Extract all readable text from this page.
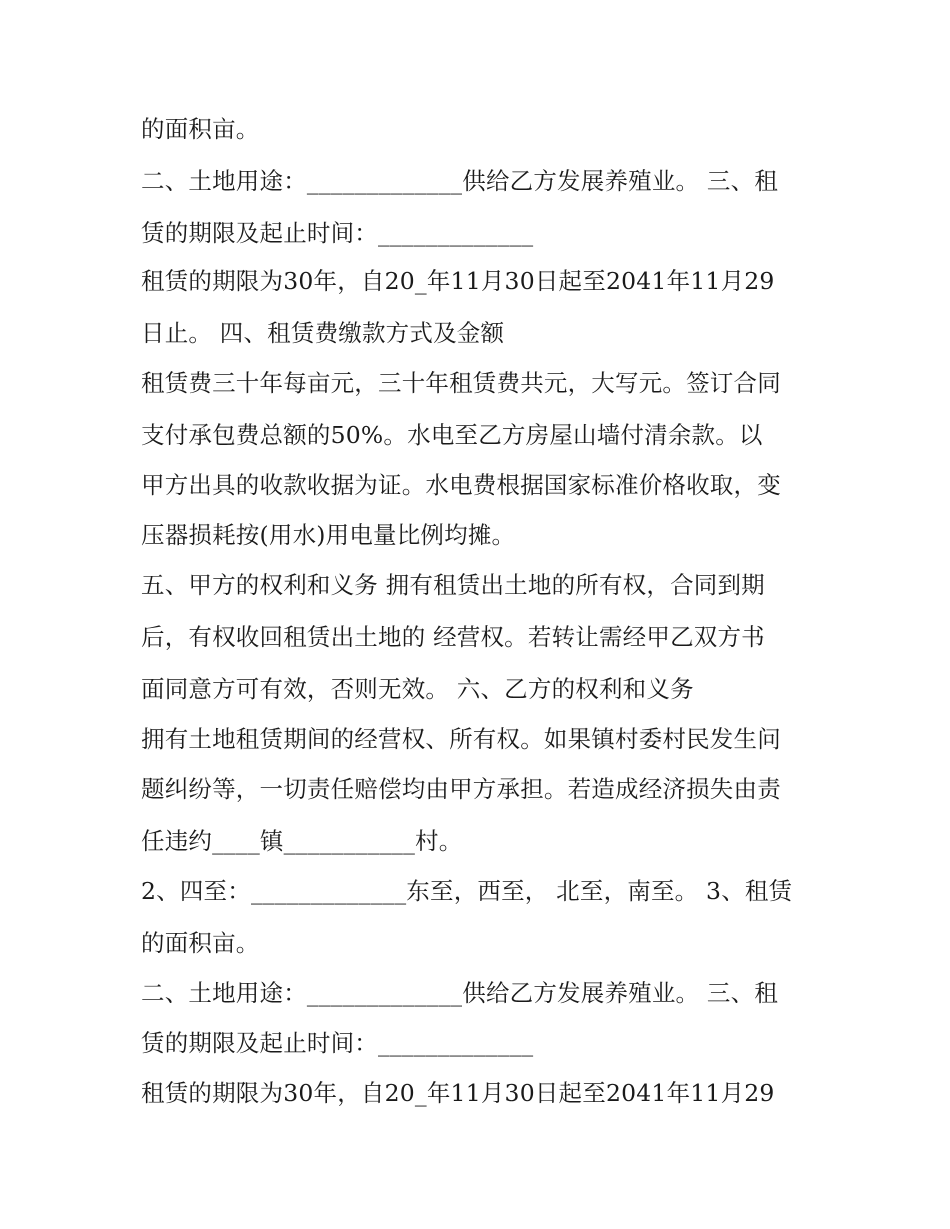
的面积亩。
二、土地用途：_____________供给乙方发展养殖业。 三、租
赁的期限及起止时间：_____________
租赁的期限为30年，自20_年11月30日起至2041年11月29
日止。 四、租赁费缴款方式及金额
租赁费三十年每亩元，三十年租赁费共元，大写元。签订合同
支付承包费总额的50%。水电至乙方房屋山墙付清余款。以
甲方出具的收款收据为证。水电费根据国家标准价格收取，变
压器损耗按(用水)用电量比例均摊。
五、甲方的权利和义务 拥有租赁出土地的所有权，合同到期
后，有权收回租赁出土地的 经营权。若转让需经甲乙双方书
面同意方可有效，否则无效。 六、乙方的权利和义务
拥有土地租赁期间的经营权、所有权。如果镇村委村民发生问
题纠纷等，一切责任赔偿均由甲方承担。若造成经济损失由责
任违约____镇___________村。
2、四至：_____________东至，西至， 北至，南至。 3、租赁
的面积亩。
二、土地用途：_____________供给乙方发展养殖业。 三、租
赁的期限及起止时间：_____________
租赁的期限为30年，自20_年11月30日起至2041年11月29
